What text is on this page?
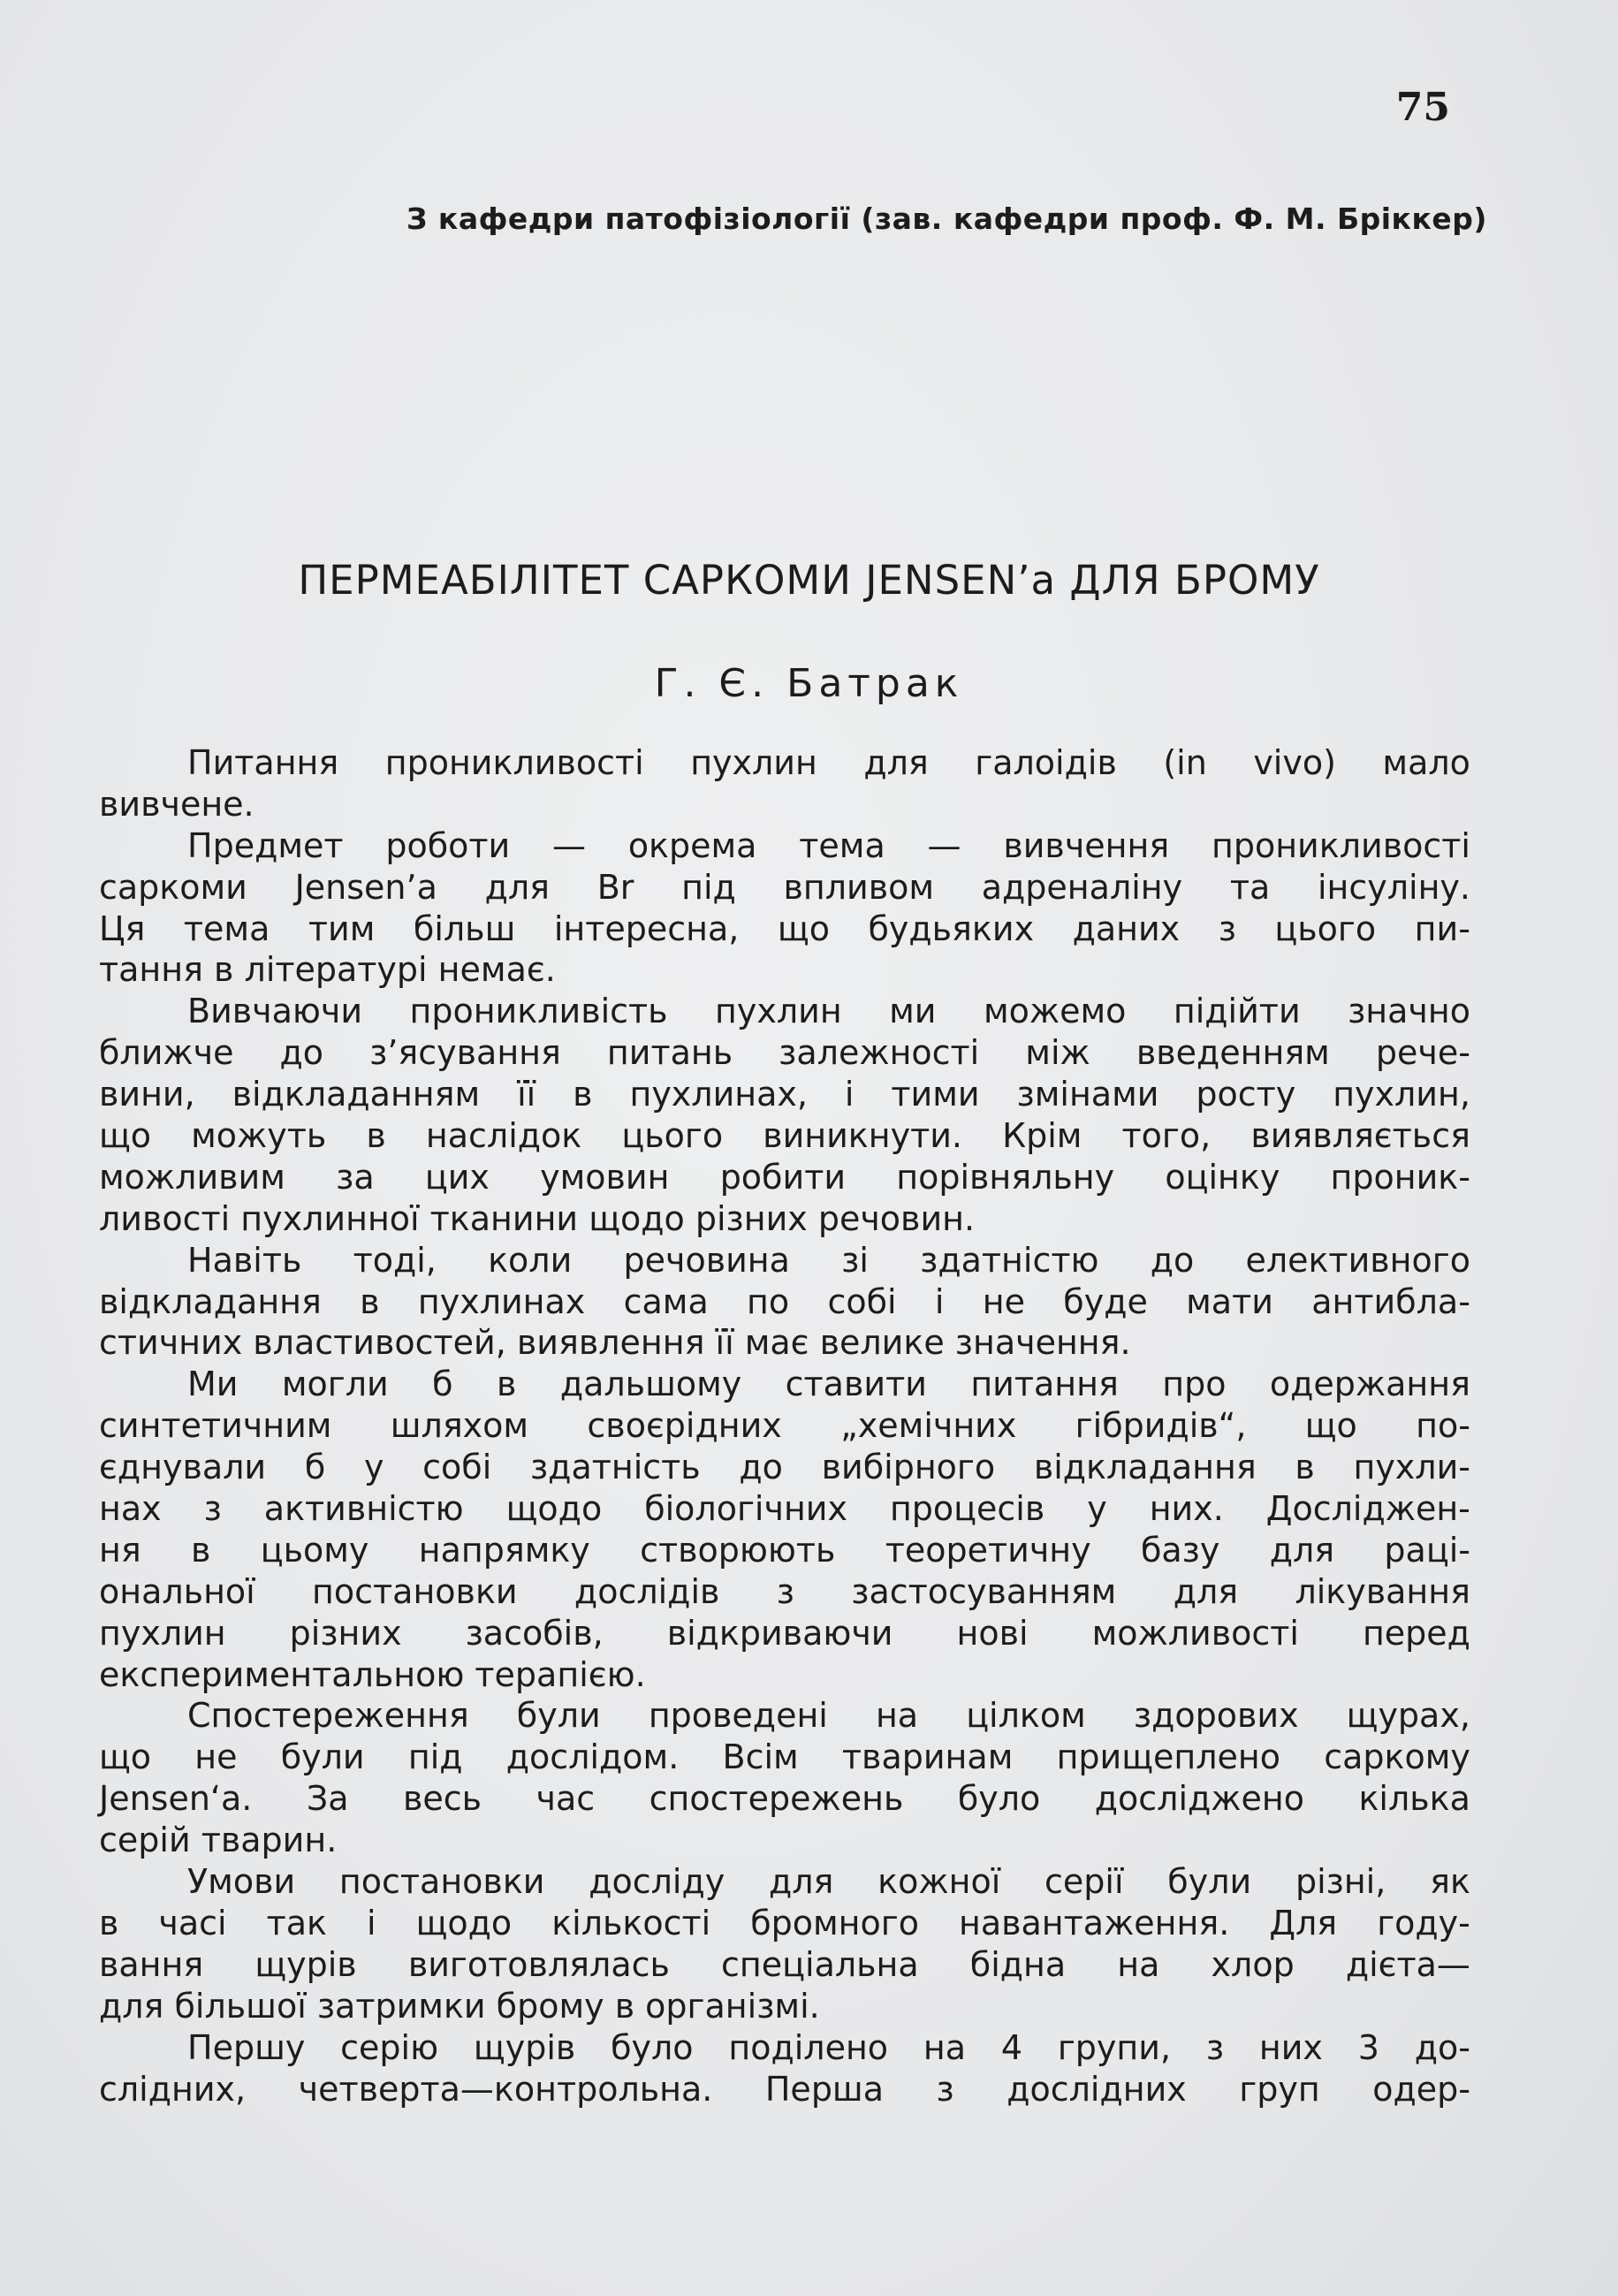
75
З кафедри патофізіології (зав. кафедри проф. Ф. М. Бріккер)
ПЕРМЕАБІЛІТЕТ САРКОМИ JENSEN’а ДЛЯ БРОМУ
Г. Є. Батрак
Питання проникливості пухлин для галоідів (in vivo) мало
вивчене.
Предмет роботи — окрема тема — вивчення проникливості
саркоми Jensen’a для Br під впливом адреналіну та інсуліну.
Ця тема тим більш інтересна, що будьяких даних з цього пи-
тання в літературі немає.
Вивчаючи проникливість пухлин ми можемо підійти значно
ближче до з’ясування питань залежності між введенням рече-
вини, відкладанням її в пухлинах, і тими змінами росту пухлин,
що можуть в наслідок цього виникнути. Крім того, виявляється
можливим за цих умовин робити порівняльну оцінку проник-
ливості пухлинної тканини щодо різних речовин.
Навіть тоді, коли речовина зі здатністю до елективного
відкладання в пухлинах сама по собі і не буде мати антибла-
стичних властивостей, виявлення її має велике значення.
Ми могли б в дальшому ставити питання про одержання
синтетичним шляхом своєрідних „хемічних гібридів“, що по-
єднували б у собі здатність до вибірного відкладання в пухли-
нах з активністю щодо біологічних процесів у них. Досліджен-
ня в цьому напрямку створюють теоретичну базу для раці-
ональної постановки дослідів з застосуванням для лікування
пухлин різних засобів, відкриваючи нові можливості перед
експериментальною терапією.
Спостереження були проведені на цілком здорових щурах,
що не були під дослідом. Всім тваринам прищеплено саркому
Jensen‘a. За весь час спостережень було досліджено кілька
серій тварин.
Умови постановки досліду для кожної серії були різні, як
в часі так і щодо кількості бромного навантаження. Для году-
вання щурів виготовлялась спеціальна бідна на хлор дієта—
для більшої затримки брому в організмі.
Першу серію щурів було поділено на 4 групи, з них 3 до-
слідних, четверта—контрольна. Перша з дослідних груп одер-
